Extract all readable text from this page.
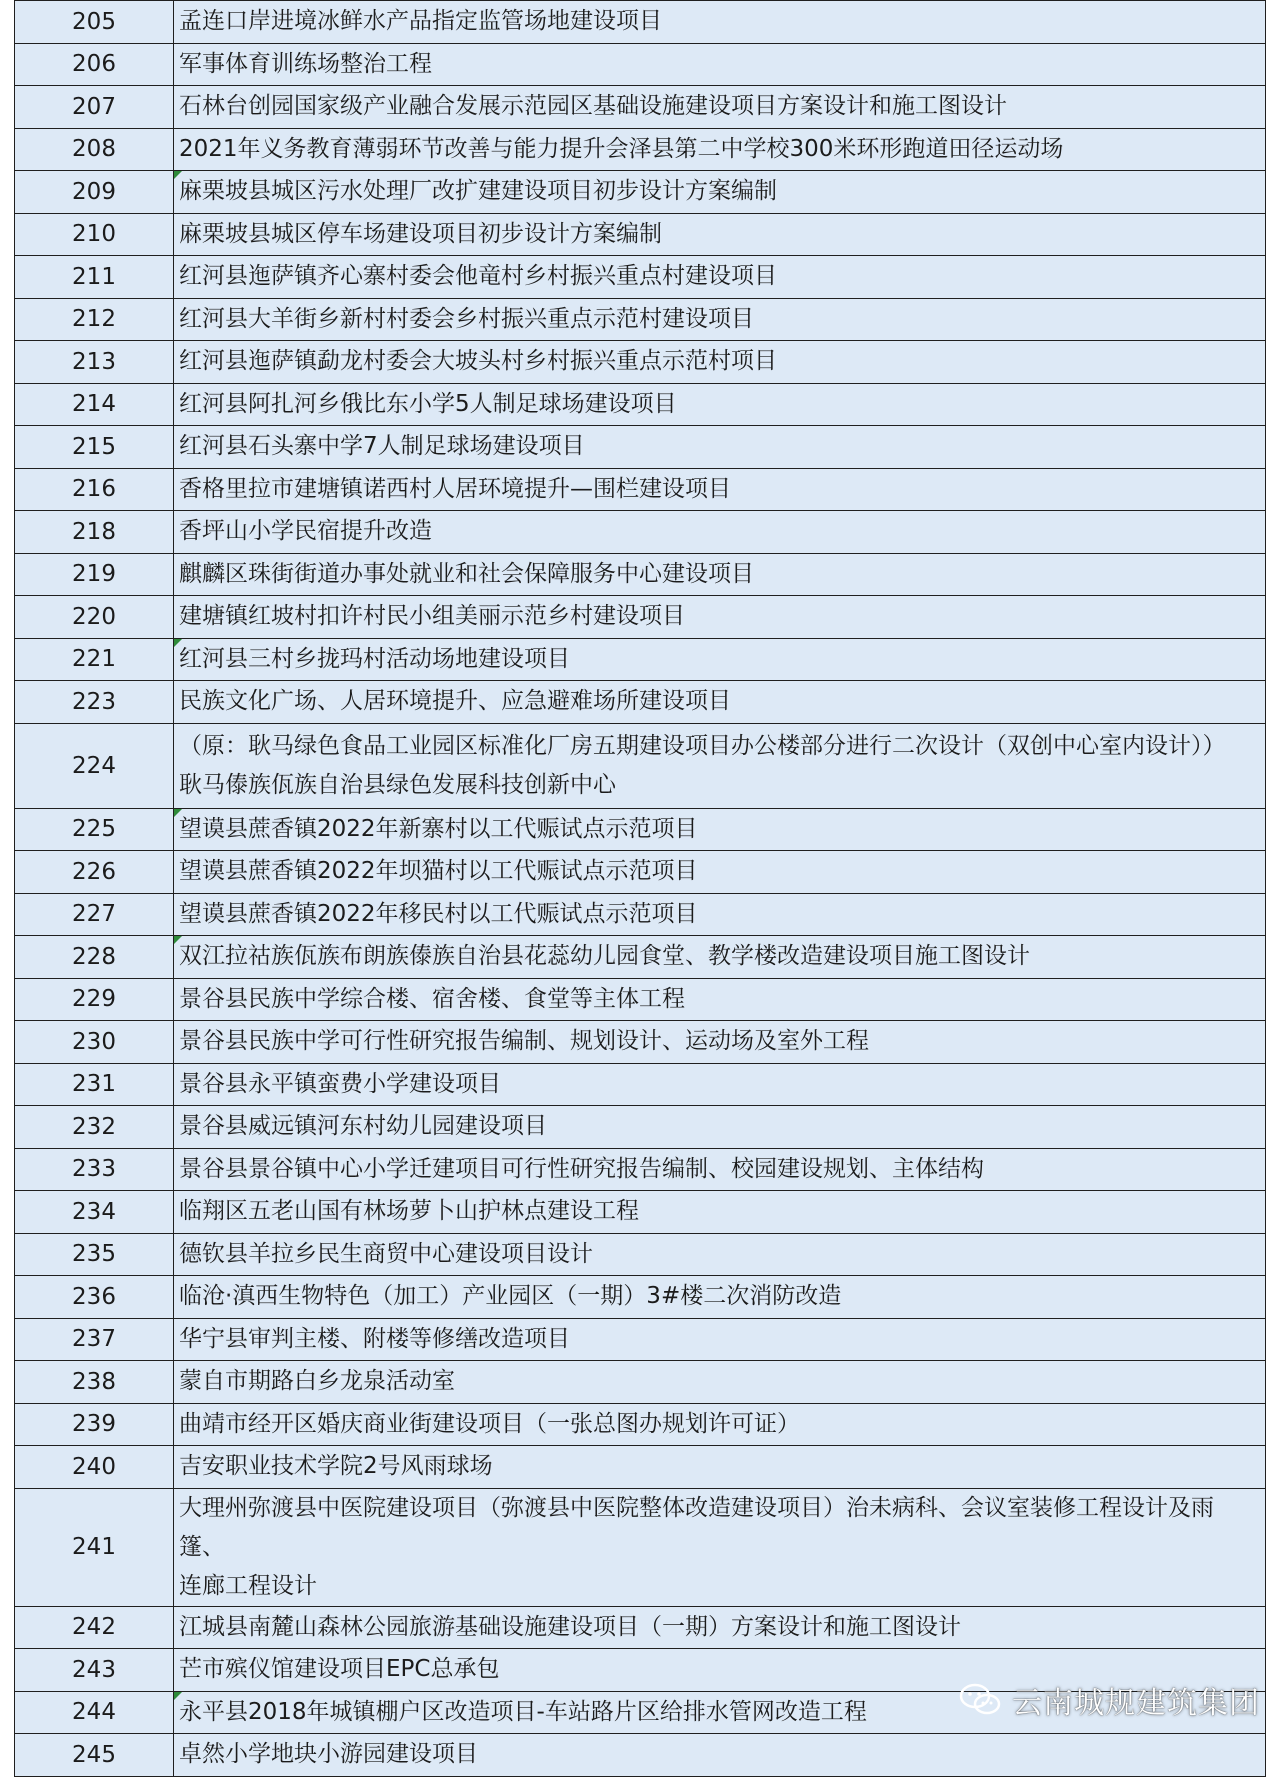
205	孟连口岸进境冰鲜水产品指定监管场地建设项目
206	军事体育训练场整治工程
207	石林台创园国家级产业融合发展示范园区基础设施建设项目方案设计和施工图设计
208	2021年义务教育薄弱环节改善与能力提升会泽县第二中学校300米环形跑道田径运动场
209	麻栗坡县城区污水处理厂改扩建建设项目初步设计方案编制
210	麻栗坡县城区停车场建设项目初步设计方案编制
211	红河县迤萨镇齐心寨村委会他竜村乡村振兴重点村建设项目
212	红河县大羊街乡新村村委会乡村振兴重点示范村建设项目
213	红河县迤萨镇勐龙村委会大坡头村乡村振兴重点示范村项目
214	红河县阿扎河乡俄比东小学5人制足球场建设项目
215	红河县石头寨中学7人制足球场建设项目
216	香格里拉市建塘镇诺西村人居环境提升—围栏建设项目
218	香坪山小学民宿提升改造
219	麒麟区珠街街道办事处就业和社会保障服务中心建设项目
220	建塘镇红坡村扣许村民小组美丽示范乡村建设项目
221	红河县三村乡拢玛村活动场地建设项目
223	民族文化广场、人居环境提升、应急避难场所建设项目
224	（原：耿马绿色食品工业园区标准化厂房五期建设项目办公楼部分进行二次设计（双创中心室内设计））
耿马傣族佤族自治县绿色发展科技创新中心

225	望谟县蔗香镇2022年新寨村以工代赈试点示范项目
226	望谟县蔗香镇2022年坝猫村以工代赈试点示范项目
227	望谟县蔗香镇2022年移民村以工代赈试点示范项目
228	双江拉祜族佤族布朗族傣族自治县花蕊幼儿园食堂、教学楼改造建设项目施工图设计
229	景谷县民族中学综合楼、宿舍楼、食堂等主体工程
230	景谷县民族中学可行性研究报告编制、规划设计、运动场及室外工程
231	景谷县永平镇蛮费小学建设项目
232	景谷县威远镇河东村幼儿园建设项目
233	景谷县景谷镇中心小学迁建项目可行性研究报告编制、校园建设规划、主体结构
234	临翔区五老山国有林场萝卜山护林点建设工程
235	德钦县羊拉乡民生商贸中心建设项目设计
236	临沧·滇西生物特色（加工）产业园区（一期）3#楼二次消防改造
237	华宁县审判主楼、附楼等修缮改造项目
238	蒙自市期路白乡龙泉活动室
239	曲靖市经开区婚庆商业街建设项目（一张总图办规划许可证）
240	吉安职业技术学院2号风雨球场
241	大理州弥渡县中医院建设项目（弥渡县中医院整体改造建设项目）治未病科、会议室装修工程设计及雨篷、
连廊工程设计

242	江城县南麓山森林公园旅游基础设施建设项目（一期）方案设计和施工图设计
243	芒市殡仪馆建设项目EPC总承包
244	永平县2018年城镇棚户区改造项目-车站路片区给排水管网改造工程
245	卓然小学地块小游园建设项目
云南城规建筑集团
